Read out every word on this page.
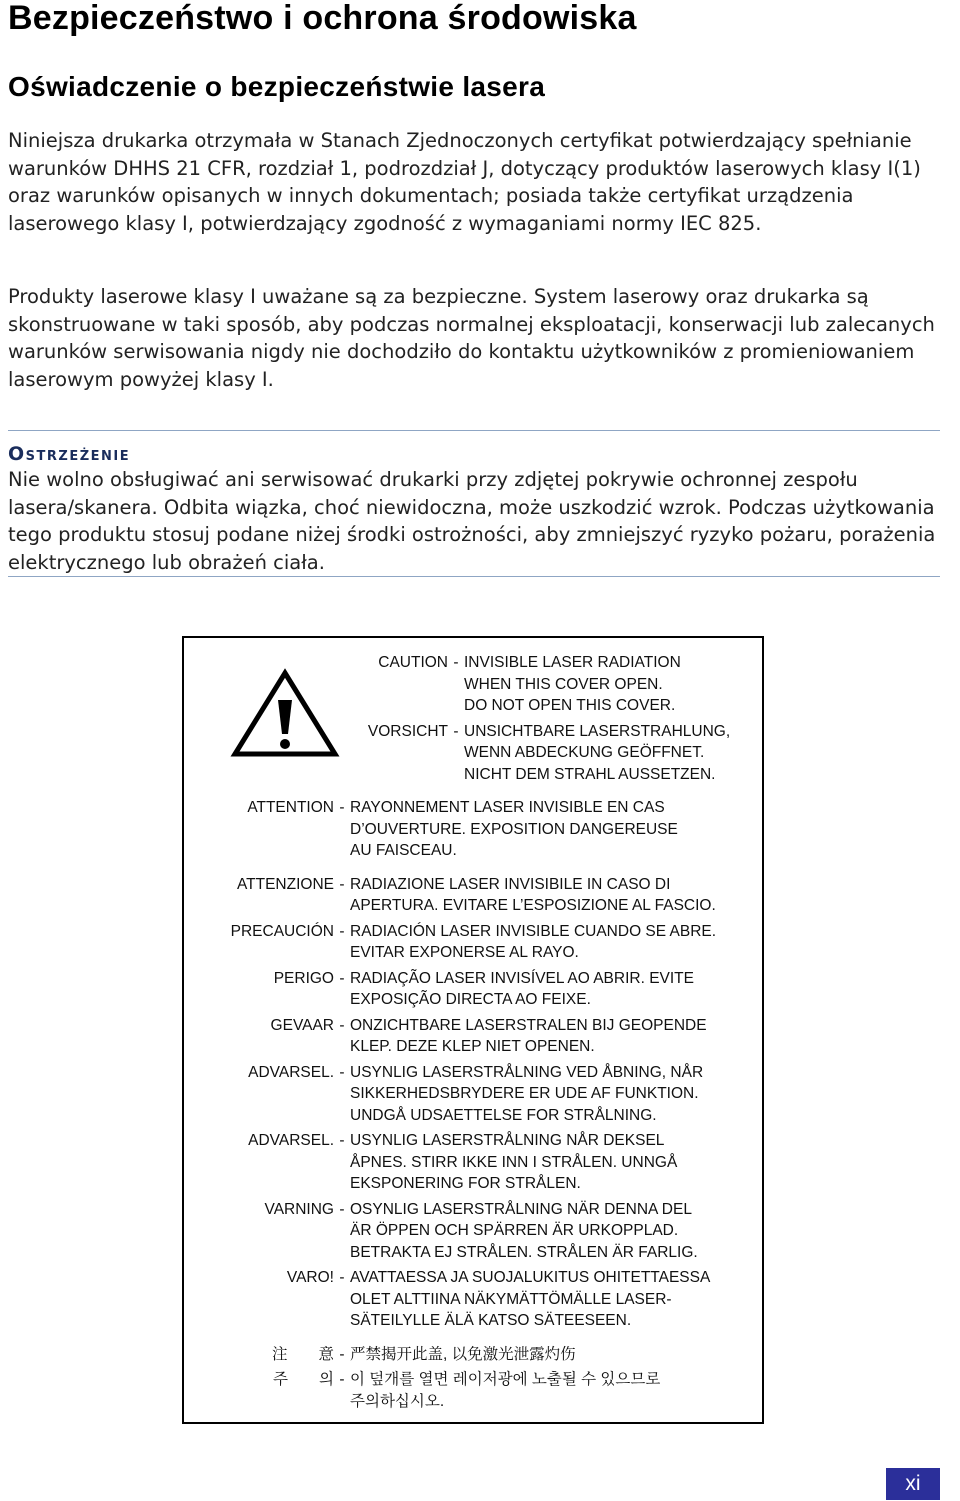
Bezpieczeństwo i ochrona środowiska
Oświadczenie o bezpieczeństwie lasera

Niniejsza drukarka otrzymała w Stanach Zjednoczonych certyfikat potwierdzający spełnianie warunków DHHS 21 CFR, rozdział 1, podrozdział J, dotyczący produktów laserowych klasy I(1) oraz warunków opisanych w innych dokumentach; posiada także certyfikat urządzenia laserowego klasy I, potwierdzający zgodność z wymaganiami normy IEC 825.

Produkty laserowe klasy I uważane są za bezpieczne. System laserowy oraz drukarka są skonstruowane w taki sposób, aby podczas normalnej eksploatacji, konserwacji lub zalecanych warunków serwisowania nigdy nie dochodziło do kontaktu użytkowników z promieniowaniem laserowym powyżej klasy I.

Ostrzeżenie

Nie wolno obsługiwać ani serwisować drukarki przy zdjętej pokrywie ochronnej zespołu lasera/skanera. Odbita wiązka, choć niewidoczna, może uszkodzić wzrok. Podczas użytkowania tego produktu stosuj podane niżej środki ostrożności, aby zmniejszyć ryzyko pożaru, porażenia elektrycznego lub obrażeń ciała.

CAUTION - INVISIBLE LASER RADIATION
WHEN THIS COVER OPEN.
DO NOT OPEN THIS COVER.
VORSICHT - UNSICHTBARE LASERSTRAHLUNG,
WENN ABDECKUNG GEÖFFNET.
NICHT DEM STRAHL AUSSETZEN.
ATTENTION - RAYONNEMENT LASER INVISIBLE EN CAS
D’OUVERTURE. EXPOSITION DANGEREUSE
AU FAISCEAU.
ATTENZIONE - RADIAZIONE LASER INVISIBILE IN CASO DI
APERTURA. EVITARE L’ESPOSIZIONE AL FASCIO.
PRECAUCIÓN - RADIACIÓN LASER INVISIBLE CUANDO SE ABRE.
EVITAR EXPONERSE AL RAYO.
PERIGO - RADIAÇÃO LASER INVISÍVEL AO ABRIR. EVITE
EXPOSIÇÃO DIRECTA AO FEIXE.
GEVAAR - ONZICHTBARE LASERSTRALEN BIJ GEOPENDE
KLEP. DEZE KLEP NIET OPENEN.
ADVARSEL. - USYNLIG LASERSTRÅLNING VED ÅBNING, NÅR
SIKKERHEDSBRYDERE ER UDE AF FUNKTION.
UNDGÅ UDSAETTELSE FOR STRÅLNING.
ADVARSEL. - USYNLIG LASERSTRÅLNING NÅR DEKSEL
ÅPNES. STIRR IKKE INN I STRÅLEN. UNNGÅ
EKSPONERING FOR STRÅLEN.
VARNING - OSYNLIG LASERSTRÅLNING NÄR DENNA DEL
ÄR ÖPPEN OCH SPÄRREN ÄR URKOPPLAD.
BETRAKTA EJ STRÅLEN. STRÅLEN ÄR FARLIG.
VARO! - AVATTAESSA JA SUOJALUKITUS OHITETTAESSA
OLET ALTTIINA NÄKYMÄTTÖMÄLLE LASER-
SÄTEILYLLE ÄLÄ KATSO SÄTEESEEN.
注　　意 - 严禁揭开此盖, 以免激光泄露灼伤
주　　의 - 이 덮개를 열면 레이저광에 노출될 수 있으므로
주의하십시오.
xi
